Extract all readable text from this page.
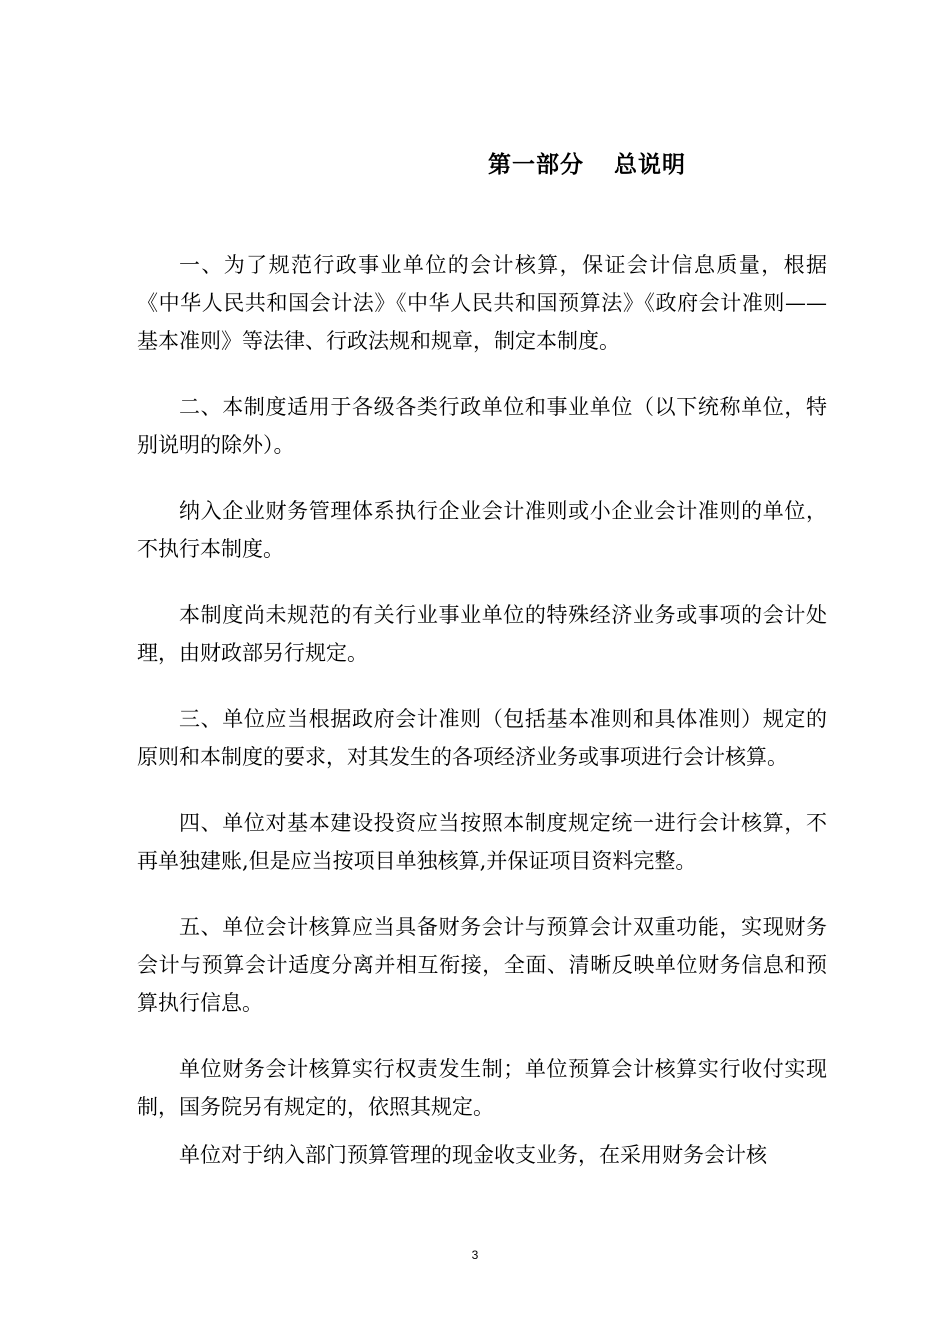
第一部分 总说明

一、为了规范行政事业单位的会计核算，保证会计信息质量，根据《中华人民共和国会计法》《中华人民共和国预算法》《政府会计准则——基本准则》等法律、行政法规和规章，制定本制度。

二、本制度适用于各级各类行政单位和事业单位（以下统称单位，特别说明的除外）。

纳入企业财务管理体系执行企业会计准则或小企业会计准则的单位，不执行本制度。

本制度尚未规范的有关行业事业单位的特殊经济业务或事项的会计处理，由财政部另行规定。

三、单位应当根据政府会计准则（包括基本准则和具体准则）规定的原则和本制度的要求，对其发生的各项经济业务或事项进行会计核算。

四、单位对基本建设投资应当按照本制度规定统一进行会计核算，不再单独建账,但是应当按项目单独核算,并保证项目资料完整。

五、单位会计核算应当具备财务会计与预算会计双重功能，实现财务会计与预算会计适度分离并相互衔接，全面、清晰反映单位财务信息和预算执行信息。

单位财务会计核算实行权责发生制；单位预算会计核算实行收付实现制，国务院另有规定的，依照其规定。

单位对于纳入部门预算管理的现金收支业务，在采用财务会计核

3
